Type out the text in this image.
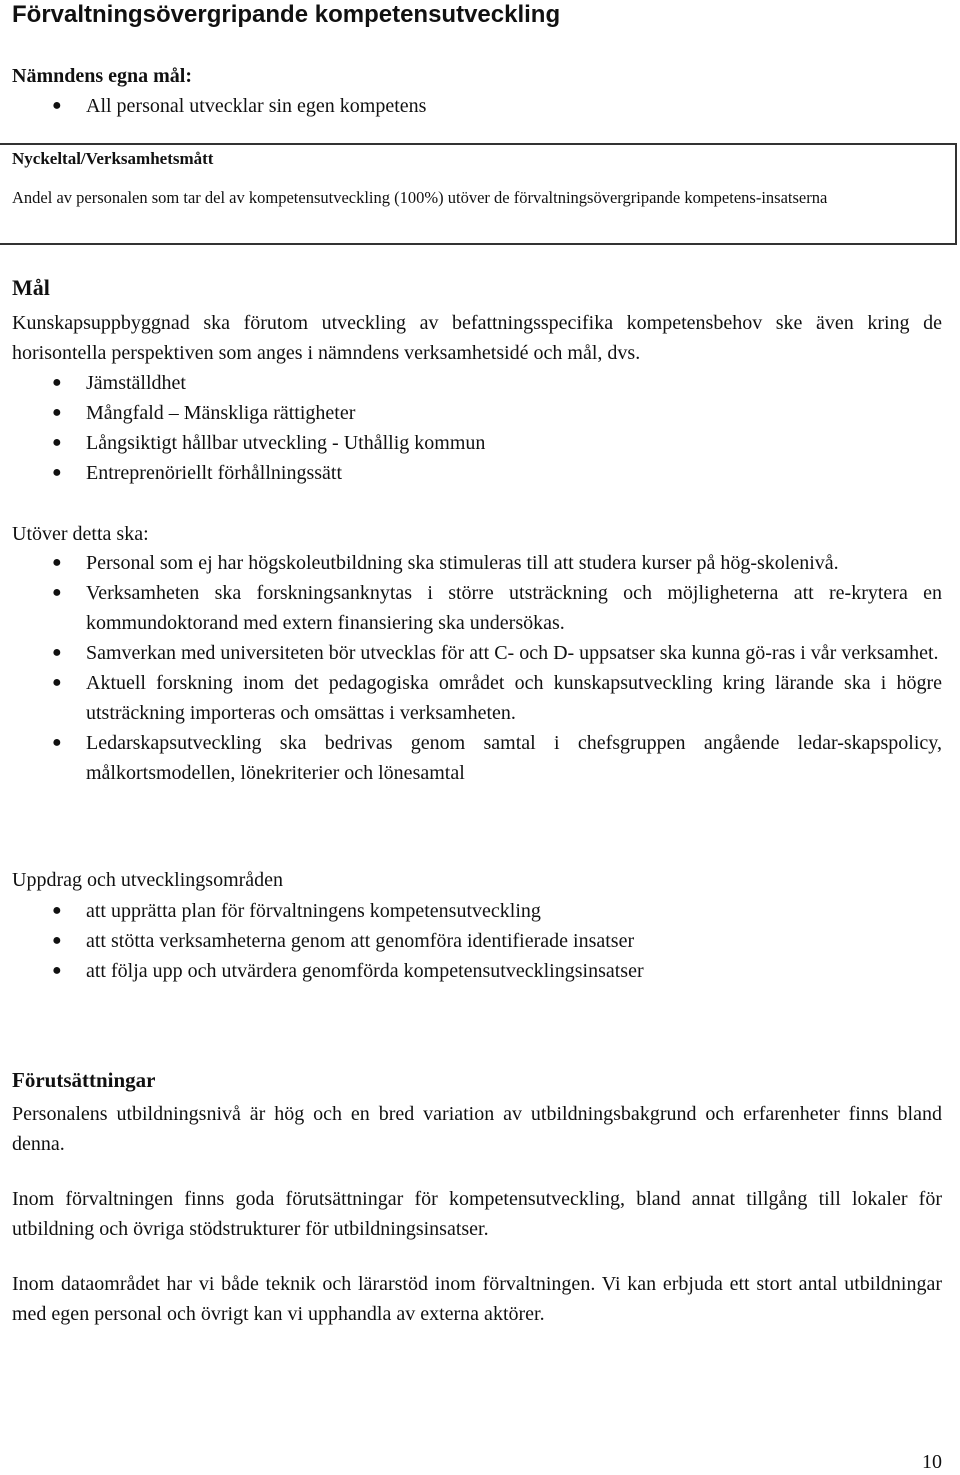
Förvaltningsövergripande kompetensutveckling
Nämndens egna mål:
● All personal utvecklar sin egen kompetens
Nyckeltal/Verksamhetsmått
Andel av personalen som tar del av kompetensutveckling (100%) utöver de förvaltningsövergripande kompetens-insatserna
Mål
Kunskapsuppbyggnad ska förutom utveckling av befattningsspecifika kompetensbehov ske även kring de horisontella perspektiven som anges i nämndens verksamhetsidé och mål, dvs.
● Jämställdhet
● Mångfald – Mänskliga rättigheter
● Långsiktigt hållbar utveckling - Uthållig kommun
● Entreprenöriellt förhållningssätt
Utöver detta ska:
● Personal som ej har högskoleutbildning ska stimuleras till att studera kurser på hög-skolenivå.
● Verksamheten ska forskningsanknytas i större utsträckning och möjligheterna att re-krytera en kommundoktorand med extern finansiering ska undersökas.
● Samverkan med universiteten bör utvecklas för att C- och D- uppsatser ska kunna gö-ras i vår verksamhet.
● Aktuell forskning inom det pedagogiska området och kunskapsutveckling kring lärande ska i högre utsträckning importeras och omsättas i verksamheten.
● Ledarskapsutveckling ska bedrivas genom samtal i chefsgruppen angående ledar-skapspolicy, målkortsmodellen, lönekriterier och lönesamtal
Uppdrag och utvecklingsområden
● att upprätta plan för förvaltningens kompetensutveckling
● att stötta verksamheterna genom att genomföra identifierade insatser
● att följa upp och utvärdera genomförda kompetensutvecklingsinsatser
Förutsättningar
Personalens utbildningsnivå är hög och en bred variation av utbildningsbakgrund och erfarenheter finns bland denna.
Inom förvaltningen finns goda förutsättningar för kompetensutveckling, bland annat tillgång till lokaler för utbildning och övriga stödstrukturer för utbildningsinsatser.
Inom dataområdet har vi både teknik och lärarstöd inom förvaltningen. Vi kan erbjuda ett stort antal utbildningar med egen personal och övrigt kan vi upphandla av externa aktörer.
10
